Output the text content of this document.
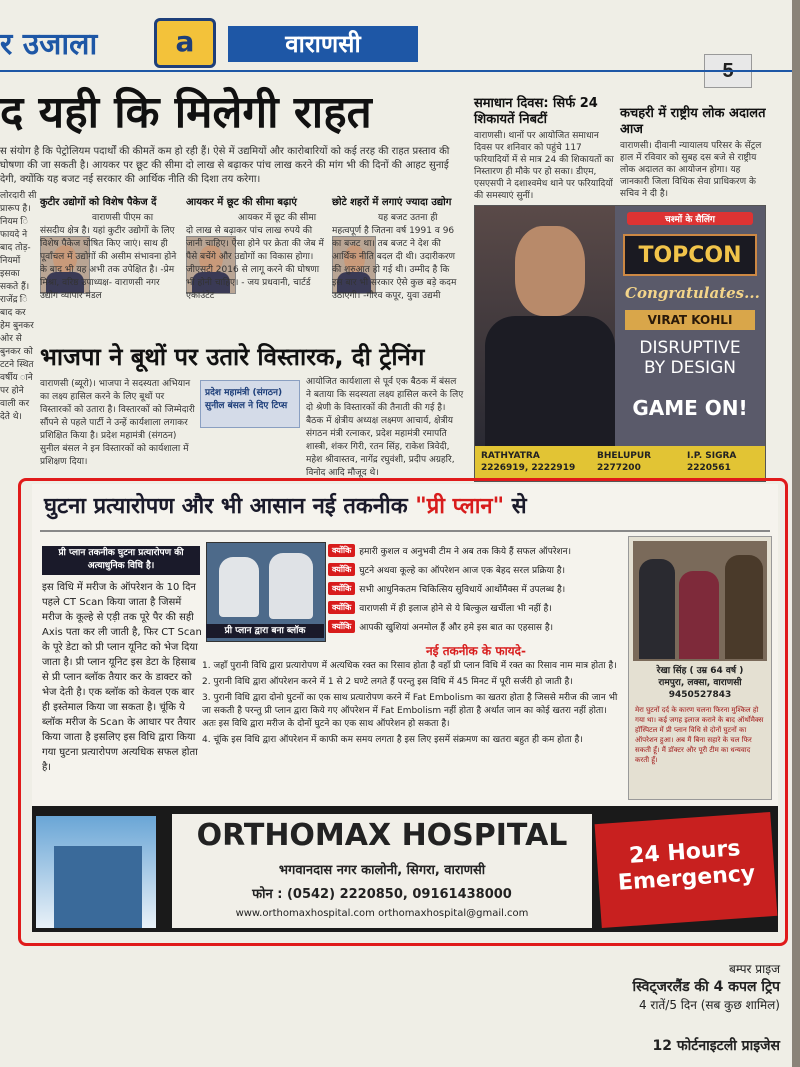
र उजाला	a	वाराणसी
द यही कि मिलेगी राहत
स संयोग है कि पेट्रोलियम पदार्थों की कीमतें कम हो रही हैं। ऐसे में उद्यमियों और कारोबारियों को कई तरह की राहत प्रस्ताव की घोषणा की जा सकती है। आयकर पर छूट की सीमा दो लाख से बढ़ाकर पांच लाख करने की मांग भी की दिनों की आहट सुनाई देगी, क्योंकि यह बजट नई सरकार की आर्थिक नीति की दिशा तय करेगा।
लोरदारी सी प्रारूप है। नियम ि फायदे ने बाद तोड़- नियमों इसका सकते हैं। राजेंद्र ि बाद कर हेम बुनकर ओर से बुनकर को टटने स्थित वर्षीय ाने पर होने वाली कर देते थे।
कुटीर उद्योगों को विशेष पैकेज दें
वाराणसी पीएम का संसदीय क्षेत्र है। यहां कुटीर उद्योगों के लिए विशेष पैकेज घोषित किए जाएं। साथ ही पूर्वांचल में उद्योगों की असीम संभावना होने के बाद भी यह अभी तक उपेक्षित है। -प्रेम मिश्रा, वरिष्ठ उपाध्यक्ष- वाराणसी नगर उद्योग व्यापार मंडल
आयकर में छूट की सीमा बढ़ाएं
आयकर में छूट की सीमा दो लाख से बढ़ाकर पांच लाख रुपये की जानी चाहिए। ऐसा होने पर क्रेता की जेब में पैसे बचेंगे और उद्योगों का विकास होगा। जीएसटी 2016 से लागू करने की घोषणा भी होनी चाहिए। - जय प्रधवानी, चार्टर्ड एकाउंटेंट
छोटे शहरों में लगाएं ज्यादा उद्योग
यह बजट उतना ही महत्वपूर्ण है जितना वर्ष 1991 व 96 का बजट था। तब बजट ने देश की आर्थिक नीति बदल दी थी। उदारीकरण की शुरुआत हो गई थी। उम्मीद है कि इस बार भी सरकार ऐसे कुछ बड़े कदम उठाएगी। -गौरव कपूर, युवा उद्यमी
भाजपा ने बूथों पर उतारे विस्तारक, दी ट्रेनिंग
वाराणसी (ब्यूरो)। भाजपा ने सदस्यता अभियान का लक्ष्य हासिल करने के लिए बूथों पर विस्तारकों को उतारा है। विस्तारकों को जिम्मेदारी सौंपने से पहले पार्टी ने उन्हें कार्यशाला लगाकर प्रशिक्षित किया है। प्रदेश महामंत्री (संगठन) सुनील बंसल ने इन विस्तारकों को कार्यशाला में प्रशिक्षण दिया।
प्रदेश महामंत्री (संगठन) सुनील बंसल ने दिए टिप्स
आयोजित कार्यशाला से पूर्व एक बैठक में बंसल ने बताया कि सदस्यता लक्ष्य हासिल करने के लिए दो श्रेणी के विस्तारकों की तैनाती की गई है। बैठक में क्षेत्रीय अध्यक्ष लक्ष्मण आचार्य, क्षेत्रीय संगठन मंत्री रत्नाकर, प्रदेश महामंत्री रमापति शास्त्री, शंकर गिरी, रतन सिंह, राकेश त्रिवेदी, महेश श्रीवास्तव, नागेंद्र रघुवंशी, प्रदीप अग्रहरि, विनोद आदि मौजूद थे।
समाधान दिवस: सिर्फ 24 शिकायतें निबटीं
वाराणसी। थानों पर आयोजित समाधान दिवस पर शनिवार को पहुंचे 117 फरियादियों में से मात्र 24 की शिकायतों का निस्तारण ही मौके पर हो सका। डीएम, एसएसपी ने दशाश्वमेध थाने पर फरियादियों की समस्याएं सुनीं।
कचहरी में राष्ट्रीय लोक अदालत आज
वाराणसी। दीवानी न्यायालय परिसर के सेंट्रल हाल में रविवार को सुबह दस बजे से राष्ट्रीय लोक अदालत का आयोजन होगा। यह जानकारी जिला विधिक सेवा प्राधिकरण के सचिव ने दी है।
चश्मों के सैलिंग
TOPCON
Congratulates...
VIRAT KOHLI
DISRUPTIVE
BY DESIGN
GAME ON!
RATHYATRA
2226919, 2222919
BHELUPUR
2277200
I.P. SIGRA
2220561
घुटना प्रत्यारोपण और भी आसान नई तकनीक "प्री प्लान" से
प्री प्लान तकनीक घुटना प्रत्यारोपण की अत्याधुनिक विधि है।
इस विधि में मरीज के ऑपरेशन के 10 दिन पहले CT Scan किया जाता है जिसमें मरीज के कूल्हे से एड़ी तक पूरे पैर की सही Axis पता कर ली जाती है, फिर CT Scan के पूरे डेटा को प्री प्लान यूनिट को भेज दिया जाता है। प्री प्लान यूनिट इस डेटा के हिसाब से प्री प्लान ब्लॉक तैयार कर के डाक्टर को भेज देती है। एक ब्लॉक को केवल एक बार ही इस्तेमाल किया जा सकता है। चूंकि ये ब्लॉक मरीज के Scan के आधार पर तैयार किया जाता है इसलिए इस विधि द्वारा किया गया घुटना प्रत्यारोपण अत्यधिक सफल होता है।
प्री प्लान द्वारा बना ब्लॉक
क्योंकि हमारी कुशल व अनुभवी टीम ने अब तक किये हैं सफल ऑपरेशन।
क्योंकि घुटने अथवा कूल्हे का ऑपरेशन आज एक बेहद सरल प्रक्रिया है।
क्योंकि सभी आधुनिकतम चिकित्सिय सुविधायें आर्थोमैक्स में उपलब्ध है।
क्योंकि वाराणसी में ही इलाज होने से ये बिल्कुल खर्चीला भी नहीं है।
क्योंकि आपकी खुशियां अनमोल हैं और हमे इस बात का एहसास है।
नई तकनीक के फायदे-
1. जहाँ पुरानी विधि द्वारा प्रत्यारोपण में अत्यधिक रक्त का रिसाव होता है वहाँ प्री प्लान विधि में रक्त का रिसाव नाम मात्र होता है।
2. पुरानी विधि द्वारा ऑपरेशन करने में 1 से 2 घण्टे लगते हैं परन्तु इस विधि में 45 मिनट में पूरी सर्जरी हो जाती है।
3. पुरानी विधि द्वारा दोनो घुटनों का एक साथ प्रत्यारोपण करने में Fat Embolism का खतरा होता है जिससे मरीज की जान भी जा सकती है परन्तु प्री प्लान द्वारा किये गए ऑपरेशन में Fat Embolism नहीं होता है अर्थात जान का कोई खतरा नहीं होता। अतः इस विधि द्वारा मरीज के दोनों घुटने का एक साथ ऑपरेशन हो सकता है।
4. चूंकि इस विधि द्वारा ऑपरेशन में काफी कम समय लगता है इस लिए इसमें संक्रमण का खतरा बहुत ही कम होता है।
रेखा सिंह ( उम्र 64 वर्ष )
रामपुरा, लक्सा, वाराणसी
9450527843
मेरा घुटनों दर्द के कारण चलना फिरना मुश्किल हो गया था। कई जगह इलाज कराने के बाद ऑर्थोमैक्स हॉस्पिटल में प्री प्लान विधि से दोनों घुटनों का ऑपरेशन हुआ। अब मैं बिना सहारे के चल फिर सकती हूँ। मैं डॉक्टर और पूरी टीम का धन्यवाद करती हूँ।
ORTHOMAX HOSPITAL
भगवानदास नगर कालोनी, सिगरा, वाराणसी
फोन : (0542) 2220850, 09161438000
www.orthomaxhospital.com orthomaxhospital@gmail.com
24 Hours
Emergency
बम्पर प्राइज
स्विट्जरलैंड की 4 कपल ट्रिप
4 रातें/5 दिन (सब कुछ शामिल)
12 फोर्टनाइटली प्राइजेस
